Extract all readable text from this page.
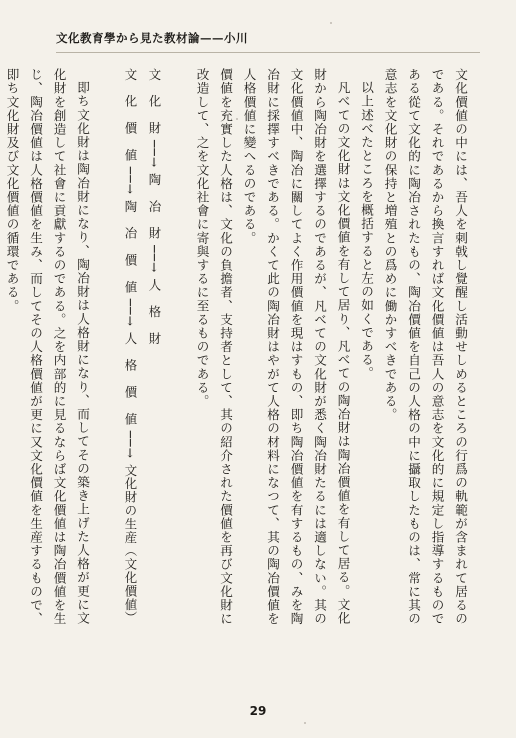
文化教育學から見た教材論——小川

文化價値の中には、吾人を刺戟し覺醒し活動せしめるところの行爲の軌範が含まれて居るのである。それであるから換言すれば文化價値は吾人の意志を文化的に規定し指導するものである從て文化的に陶冶されたもの、陶冶價値を自己の人格の中に攝取したものは、常に其の意志を文化財の保持と増殖との爲めに働かすべきである。

以上述べたところを概括すると左の如くである。

凡べての文化財は文化價値を有して居り、凡べての陶冶財は陶冶價値を有して居る。文化財から陶冶財を選擇するのであるが、凡べての文化財が悉く陶冶財たるには適しない。其の文化價値中、陶冶に關してよく作用價値を現はすもの、即ち陶冶價値を有するもの、みを陶冶財に採擇すべきである。かくて此の陶冶財はやがて人格の材料になつて、其の陶冶價値を人格價値に變へるのである。

價値を充實した人格は、文化の負擔者、支持者として、其の紹介された價値を再び文化財に改造して、之を文化社會に寄與するに至るものである。

文　化　財 ──→ 陶　冶　財 ──→ 人　格　財
文　化　價　値 ──→ 陶　冶　價　値 ──→ 人　格　價　値 ──→ 文化財の生産（文化價値）

即ち文化財は陶冶財になり、陶冶財は人格財になり、而してその築き上げた人格が更に文化財を創造して社會に貢獻するのである。之を内部的に見るならば文化價値は陶冶價値を生じ、陶冶價値は人格價値を生み、而してその人格價値が更に又文化價値を生産するもので、即ち文化財及び文化價値の循環である。

29
